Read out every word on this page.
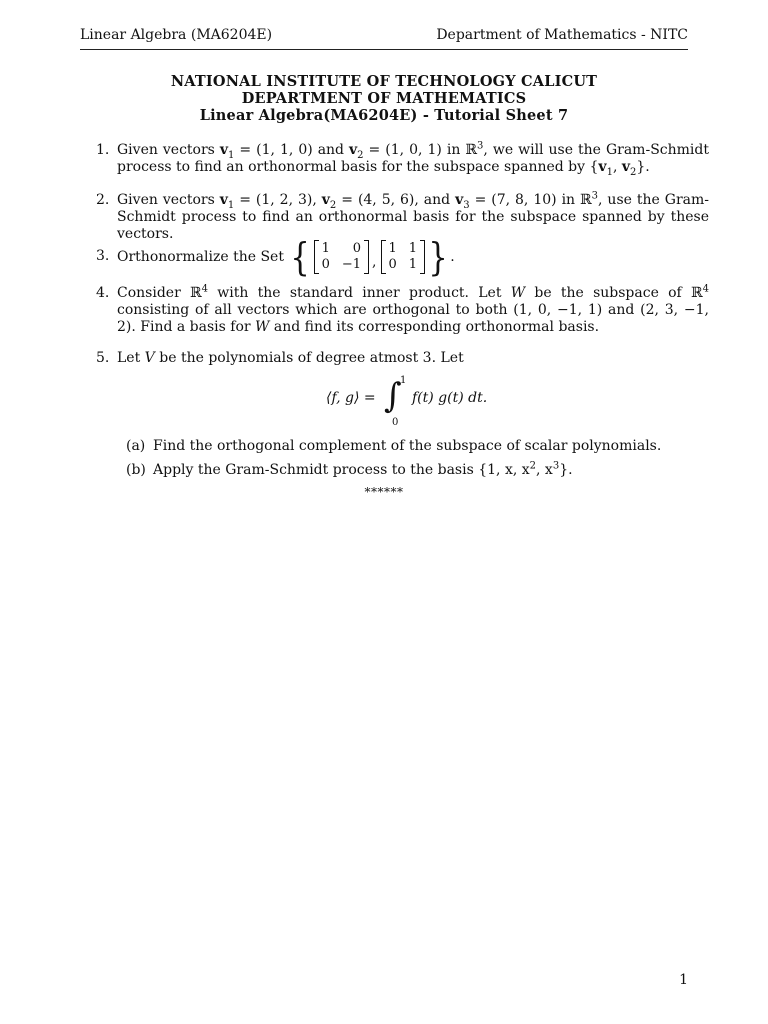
Linear Algebra (MA6204E)	Department of Mathematics - NITC
NATIONAL INSTITUTE OF TECHNOLOGY CALICUT
DEPARTMENT OF MATHEMATICS
Linear Algebra(MA6204E) - Tutorial Sheet 7
1. Given vectors $v_1 = (1$, 1, 0) and $v_2 = (1$, 0, 1) in ℝ$^3$, we will use the Gram-Schmidt process to find an orthonormal basis for the subspace spanned by {$v_1$, $v_2$}.
2. Given vectors $v_1 = (1$, 2, 3), $v_2 = (4$, 5, 6), and $v_3 = (7$, 8, 10) in ℝ$^3$, use the Gram-Schmidt process to find an orthonormal basis for the subspace spanned by these vectors.
3. Orthonormalize the Set { 1	0
0 −1 ,
1 1
0 1 } .
4. Consider ℝ$^4$ with the standard inner product. Let W be the subspace of ℝ$^4$ consisting of all vectors which are orthogonal to both (1, 0, −1, 1) and (2, 3, −1, 2). Find a basis for W and find its corresponding orthonormal basis.
5. Let V be the polynomials of degree atmost 3. Let
⟨f, g⟩ = ∫
1
0
f(t) g(t) dt.
(a) Find the orthogonal complement of the subspace of scalar polynomials.
(b) Apply the Gram-Schmidt process to the basis {1, x, $x^2$, $x^3$}.
******
1
